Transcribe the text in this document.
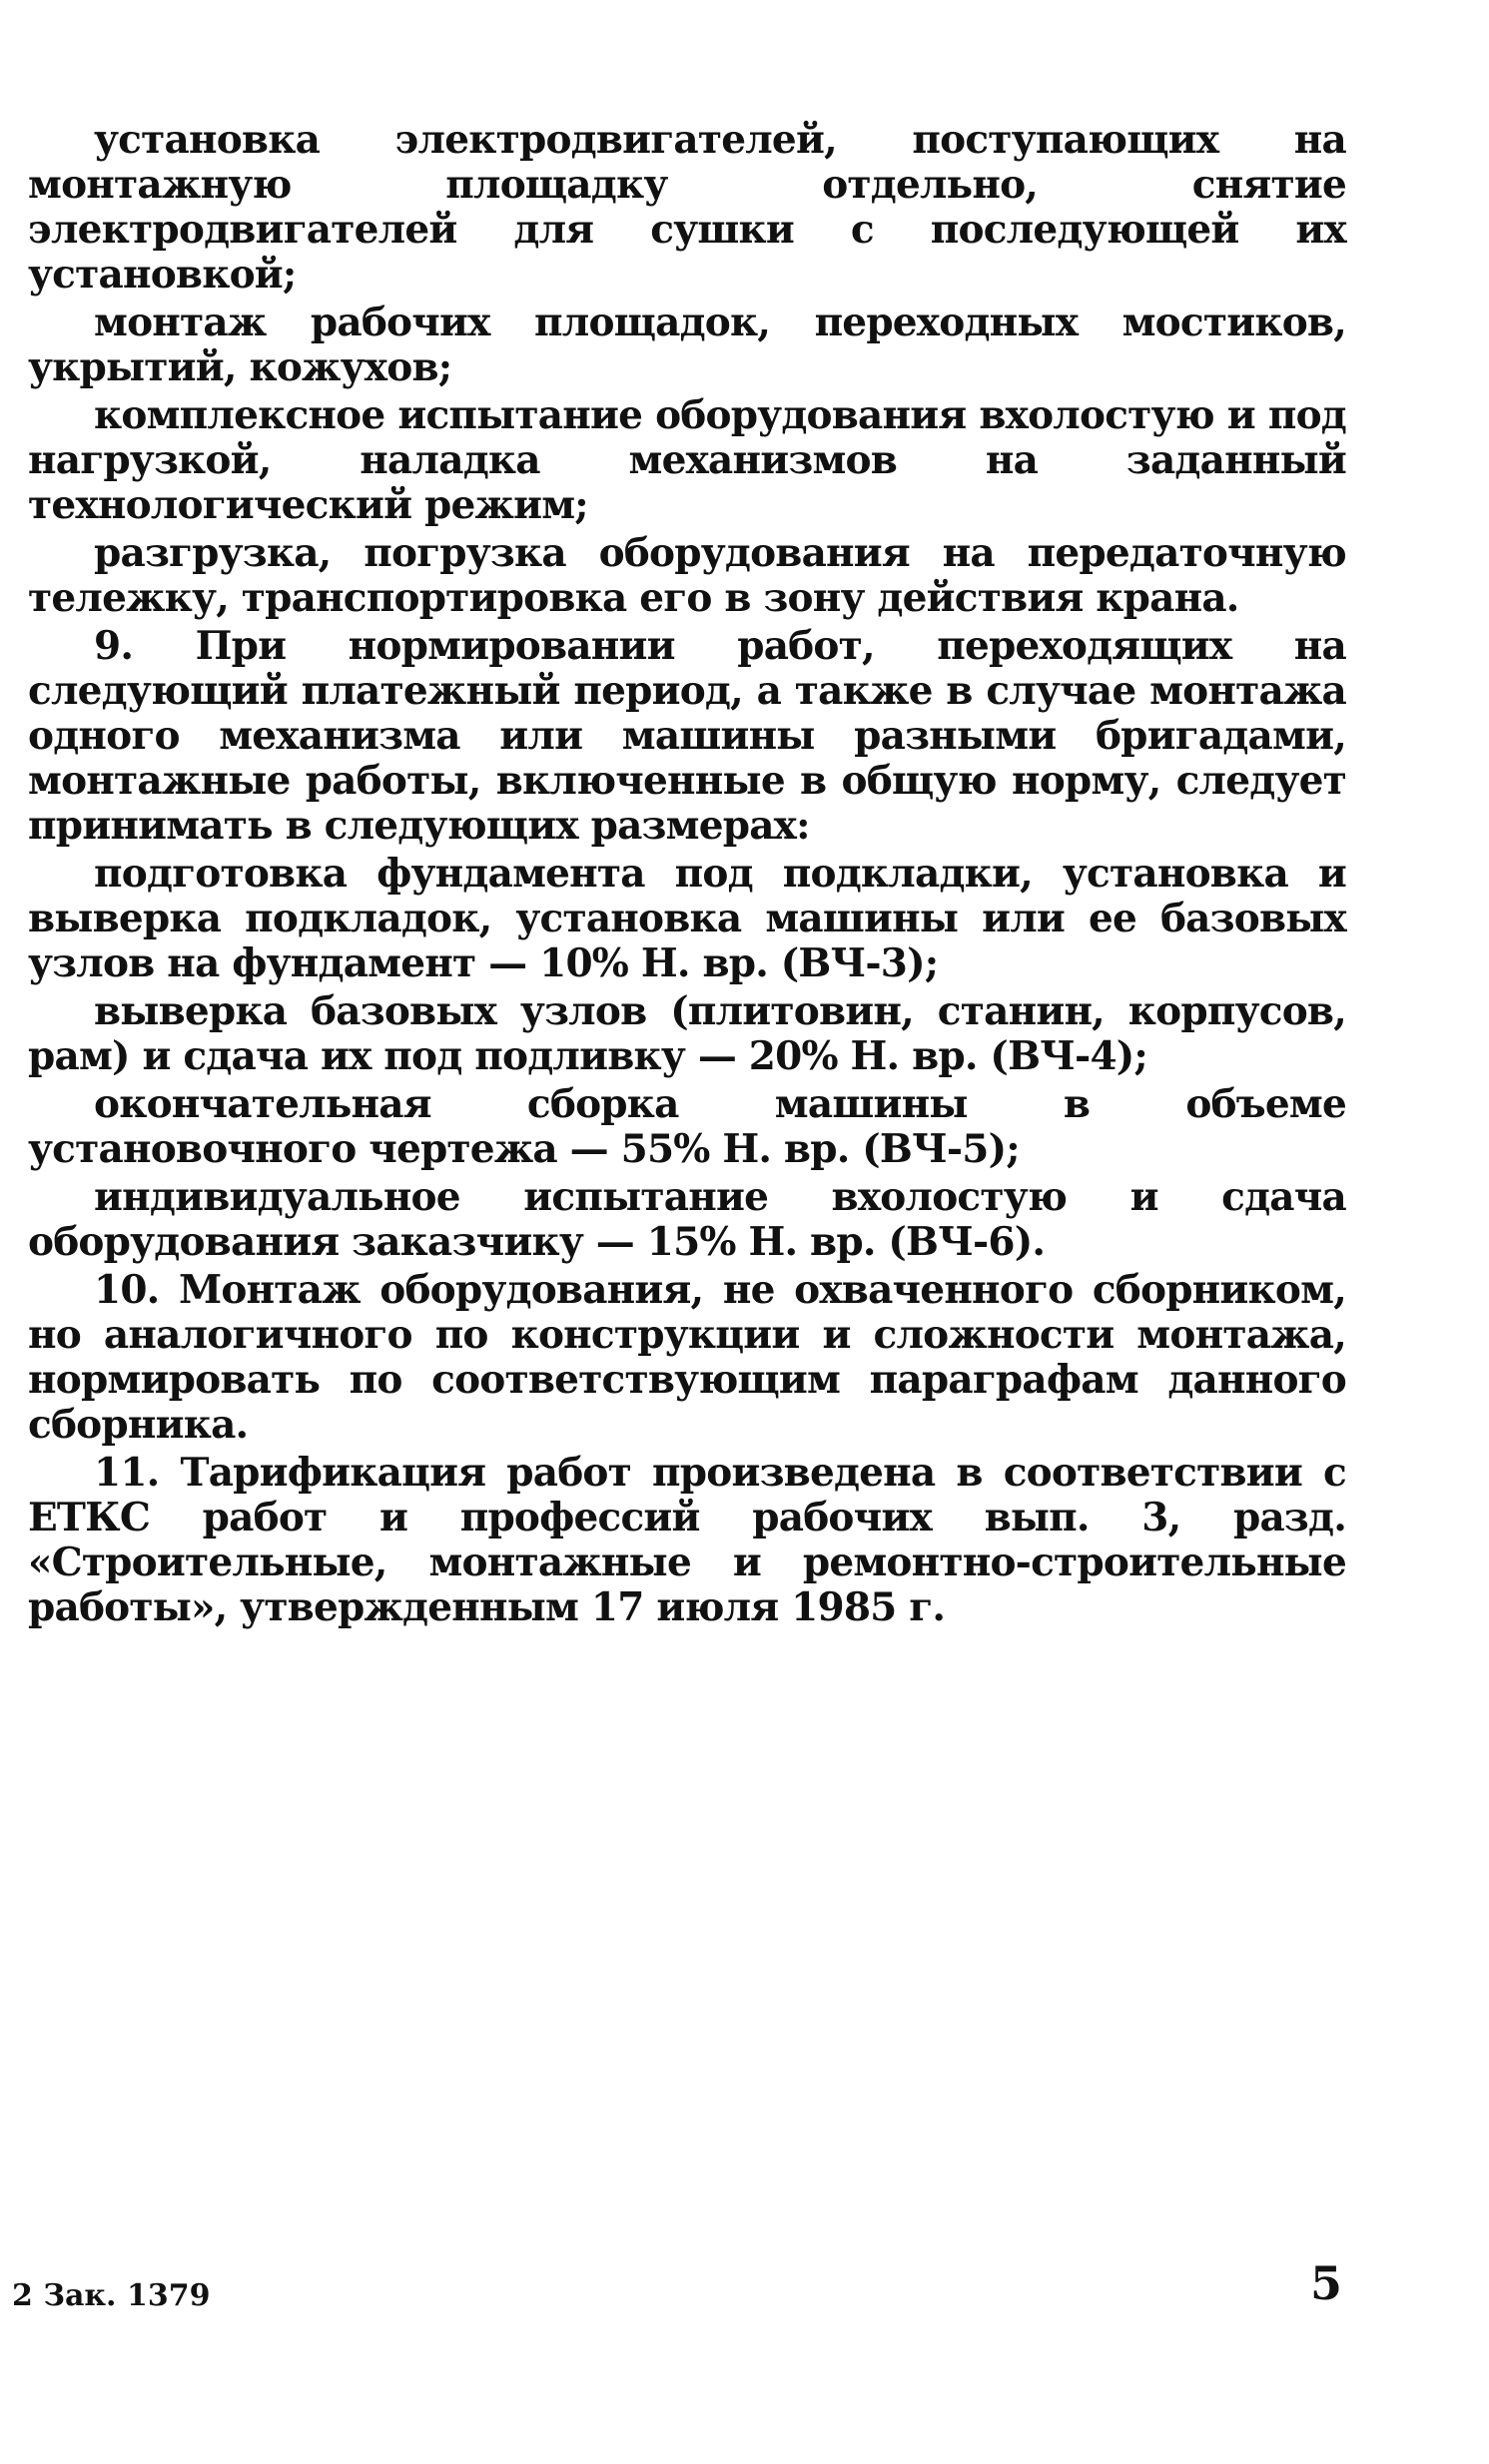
установка электродвигателей, поступающих на монтажную площадку отдельно, снятие электродвигателей для сушки с последующей их установкой;

монтаж рабочих площадок, переходных мостиков, укрытий, кожухов;

комплексное испытание оборудования вхолостую и под нагрузкой, наладка механизмов на заданный технологический режим;

разгрузка, погрузка оборудования на передаточную тележку, транспортировка его в зону действия крана.

9. При нормировании работ, переходящих на следующий платежный период, а также в случае монтажа одного механизма или машины разными бригадами, монтажные работы, включенные в общую норму, следует принимать в следующих размерах:

подготовка фундамента под подкладки, установка и выверка подкладок, установка машины или ее базовых узлов на фундамент — 10% Н. вр. (ВЧ-3);

выверка базовых узлов (плитовин, станин, корпусов, рам) и сдача их под подливку — 20% Н. вр. (ВЧ-4);

окончательная сборка машины в объеме установочного чертежа — 55% Н. вр. (ВЧ-5);

индивидуальное испытание вхолостую и сдача оборудования заказчику — 15% Н. вр. (ВЧ-6).

10. Монтаж оборудования, не охваченного сборником, но аналогичного по конструкции и сложности монтажа, нормировать по соответствующим параграфам данного сборника.

11. Тарификация работ произведена в соответствии с ЕТКС работ и профессий рабочих вып. 3, разд. «Строительные, монтажные и ремонтно-строительные работы», утвержденным 17 июля 1985 г.

2 Зак. 1379	5
